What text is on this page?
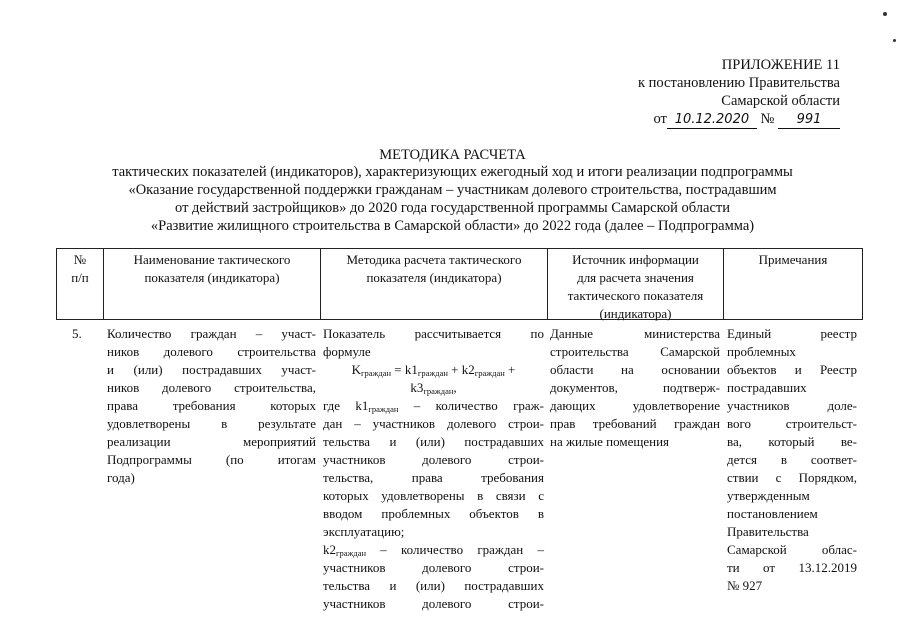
ПРИЛОЖЕНИЕ 11
к постановлению Правительства
Самарской области
от 10.12.2020 № 991
МЕТОДИКА РАСЧЕТА
тактических показателей (индикаторов), характеризующих ежегодный ход и итоги реализации подпрограммы
«Оказание государственной поддержки гражданам – участникам долевого строительства, пострадавшим
от действий застройщиков» до 2020 года государственной программы Самарской области
«Развитие жилищного строительства в Самарской области» до 2022 года (далее – Подпрограмма)
№
п/п
Наименование тактического
показателя (индикатора)
Методика расчета тактического
показателя (индикатора)
Источник информации
для расчета значения
тактического показателя
(индикатора)
Примечания
5.	Количество граждан – участ-
ников долевого строительства
и (или) пострадавших участ-
ников долевого строительства,
права требования которых
удовлетворены в результате
реализации мероприятий
Подпрограммы (по итогам
года)
Показатель рассчитывается по
формуле
$K_{граждан} = k1_{граждан} + k2_{граждан}$ +
$k3_{граждан}$,
где $k1_{граждан}$ – количество граж-
дан – участников долевого строи-
тельства и (или) пострадавших
участников долевого строи-
тельства, права требования
которых удовлетворены в связи с
вводом проблемных объектов в
эксплуатацию;
$k2_{граждан}$ – количество граждан –
участников долевого строи-
тельства и (или) пострадавших
участников долевого строи-
Данные министерства
строительства Самарской
области на основании
документов, подтверж-
дающих удовлетворение
прав требований граждан
на жилые помещения
Единый реестр
проблемных
объектов и Реестр
пострадавших
участников доле-
вого строительст-
ва, который ве-
дется в соответ-
ствии с Порядком,
утвержденным
постановлением
Правительства
Самарской облас-
ти от 13.12.2019
№ 927
